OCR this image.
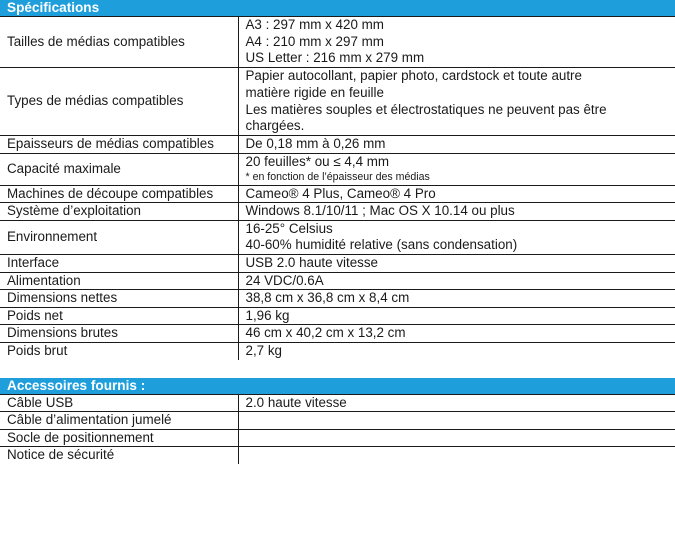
Spécifications	
Tailles de médias compatibles	A3 : 297 mm x 420 mm
A4 : 210 mm x 297 mm
US Letter : 216 mm x 279 mm

Types de médias compatibles	Papier autocollant, papier photo, cardstock et toute autre
matière rigide en feuille
Les matières souples et électrostatiques ne peuvent pas être
chargées.

Epaisseurs de médias compatibles	De 0,18 mm à 0,26 mm
Capacité maximale	20 feuilles* ou ≤ 4,4 mm
* en fonction de l’épaisseur des médias

Machines de découpe compatibles	Cameo® 4 Plus, Cameo® 4 Pro
Système d’exploitation	Windows 8.1/10/11 ; Mac OS X 10.14 ou plus
Environnement	16-25° Celsius
40-60% humidité relative (sans condensation)

Interface	USB 2.0 haute vitesse
Alimentation	24 VDC/0.6A
Dimensions nettes	38,8 cm x 36,8 cm x 8,4 cm
Poids net	1,96 kg
Dimensions brutes	46 cm x 40,2 cm x 13,2 cm
Poids brut	2,7 kg
Accessoires fournis :	
Câble USB	2.0 haute vitesse
Câble d’alimentation jumelé	
Socle de positionnement	
Notice de sécurité	
